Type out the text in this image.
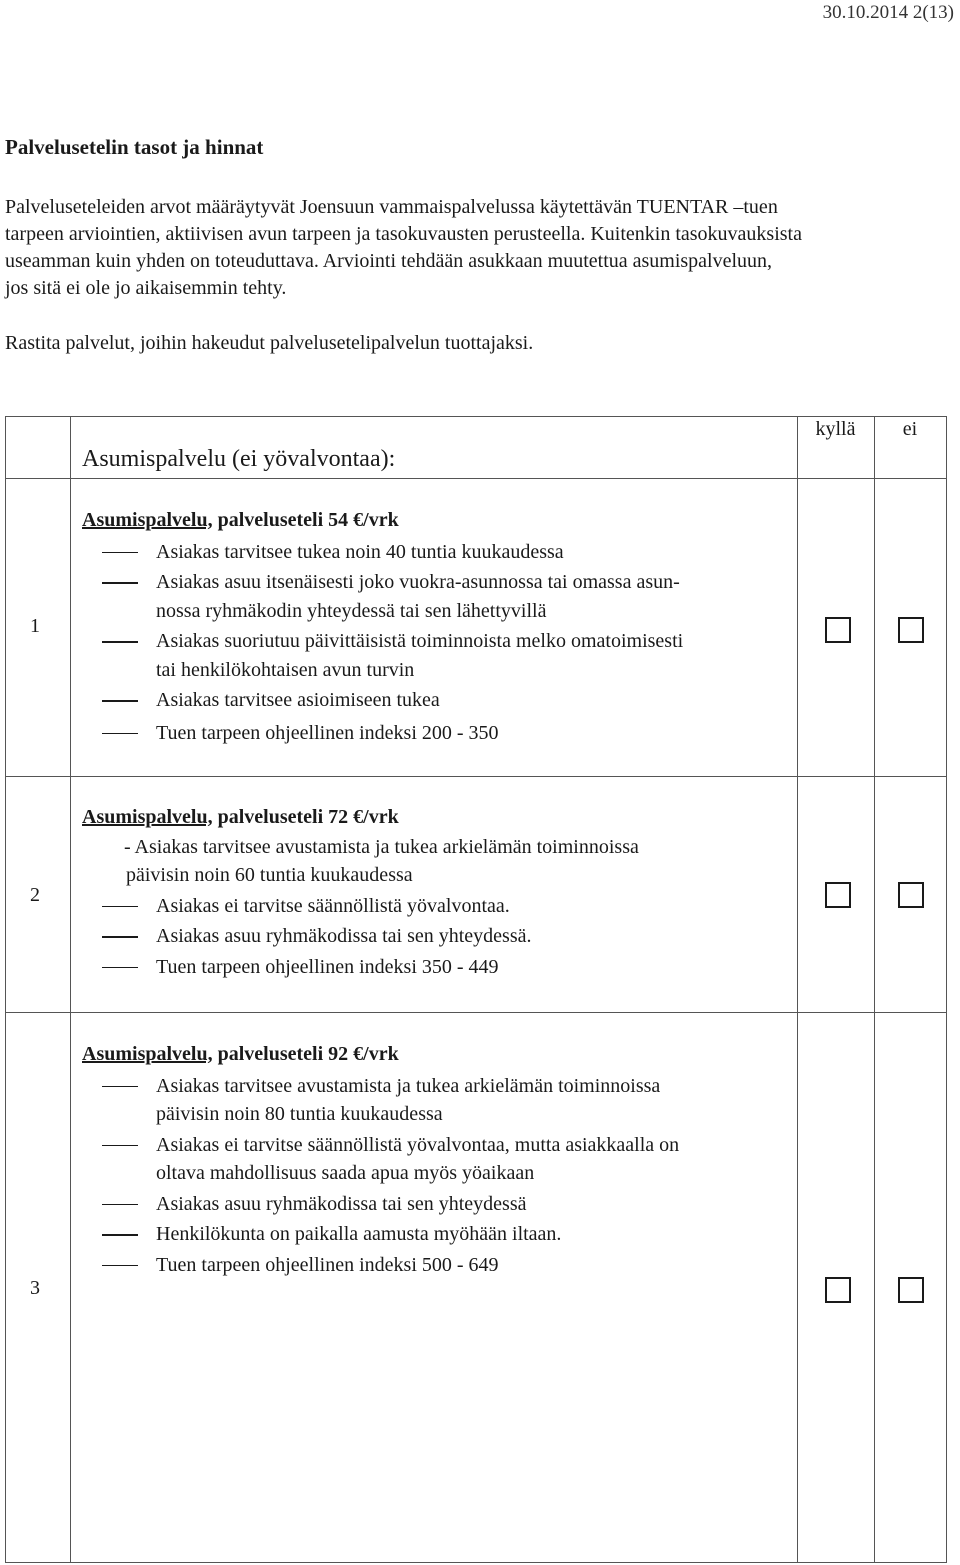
30.10.2014 2(13)
Palvelusetelin tasot ja hinnat
Palveluseteleiden arvot määräytyvät Joensuun vammaispalvelussa käytettävän TUENTAR –tuen
tarpeen arviointien, aktiivisen avun tarpeen ja tasokuvausten perusteella. Kuitenkin tasokuvauksista
useamman kuin yhden on toteuduttava. Arviointi tehdään asukkaan muutettua asumispalveluun,
jos sitä ei ole jo aikaisemmin tehty.
Rastita palvelut, joihin hakeudut palvelusetelipalvelun tuottajaksi.
kyllä	ei
Asumispalvelu (ei yövalvontaa):
1
Asumispalvelu, palveluseteli 54 €/vrk
Asiakas tarvitsee tukea noin 40 tuntia kuukaudessa
Asiakas asuu itsenäisesti joko vuokra-asunnossa tai omassa asun-
nossa ryhmäkodin yhteydessä tai sen lähettyvillä
Asiakas suoriutuu päivittäisistä toiminnoista melko omatoimisesti
tai henkilökohtaisen avun turvin
Asiakas tarvitsee asioimiseen tukea
Tuen tarpeen ohjeellinen indeksi 200 - 350
2
Asumispalvelu, palveluseteli 72 €/vrk
- Asiakas tarvitsee avustamista ja tukea arkielämän toiminnoissa
päivisin noin 60 tuntia kuukaudessa
Asiakas ei tarvitse säännöllistä yövalvontaa.
Asiakas asuu ryhmäkodissa tai sen yhteydessä.
Tuen tarpeen ohjeellinen indeksi 350 - 449
3
Asumispalvelu, palveluseteli 92 €/vrk
Asiakas tarvitsee avustamista ja tukea arkielämän toiminnoissa
päivisin noin 80 tuntia kuukaudessa
Asiakas ei tarvitse säännöllistä yövalvontaa, mutta asiakkaalla on
oltava mahdollisuus saada apua myös yöaikaan
Asiakas asuu ryhmäkodissa tai sen yhteydessä
Henkilökunta on paikalla aamusta myöhään iltaan.
Tuen tarpeen ohjeellinen indeksi 500 - 649
